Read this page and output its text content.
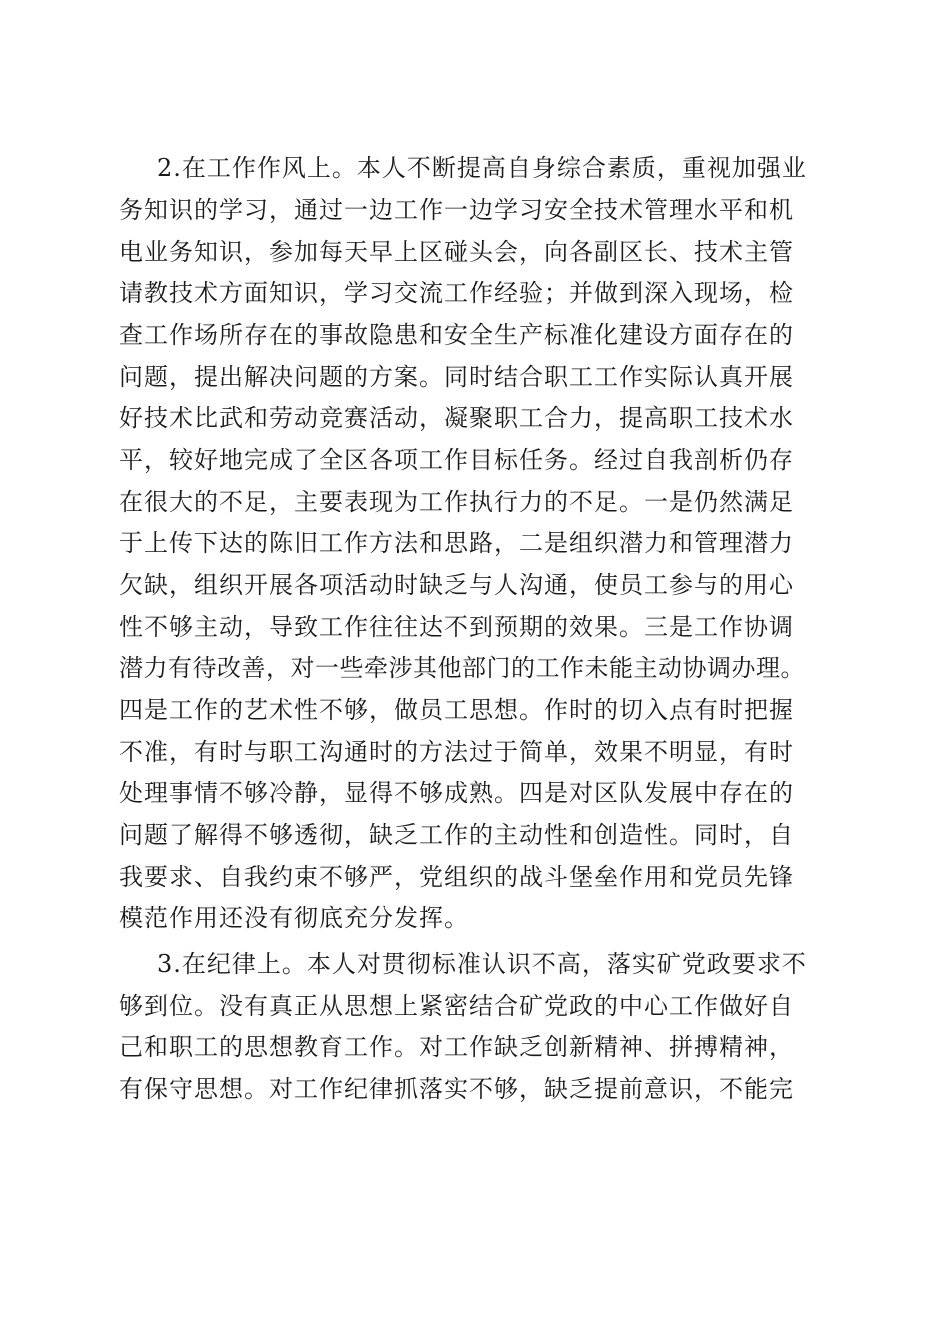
2.在工作作风上。本人不断提高自身综合素质，重视加强业
务知识的学习，通过一边工作一边学习安全技术管理水平和机
电业务知识，参加每天早上区碰头会，向各副区长、技术主管
请教技术方面知识，学习交流工作经验；并做到深入现场，检
查工作场所存在的事故隐患和安全生产标准化建设方面存在的
问题，提出解决问题的方案。同时结合职工工作实际认真开展
好技术比武和劳动竞赛活动，凝聚职工合力，提高职工技术水
平，较好地完成了全区各项工作目标任务。经过自我剖析仍存
在很大的不足，主要表现为工作执行力的不足。一是仍然满足
于上传下达的陈旧工作方法和思路，二是组织潜力和管理潜力
欠缺，组织开展各项活动时缺乏与人沟通，使员工参与的用心
性不够主动，导致工作往往达不到预期的效果。三是工作协调
潜力有待改善，对一些牵涉其他部门的工作未能主动协调办理。
四是工作的艺术性不够，做员工思想。作时的切入点有时把握
不准，有时与职工沟通时的方法过于简单，效果不明显，有时
处理事情不够冷静，显得不够成熟。四是对区队发展中存在的
问题了解得不够透彻，缺乏工作的主动性和创造性。同时，自
我要求、自我约束不够严，党组织的战斗堡垒作用和党员先锋
模范作用还没有彻底充分发挥。
3.在纪律上。本人对贯彻标准认识不高，落实矿党政要求不
够到位。没有真正从思想上紧密结合矿党政的中心工作做好自
己和职工的思想教育工作。对工作缺乏创新精神、拼搏精神，
有保守思想。对工作纪律抓落实不够，缺乏提前意识，不能完
